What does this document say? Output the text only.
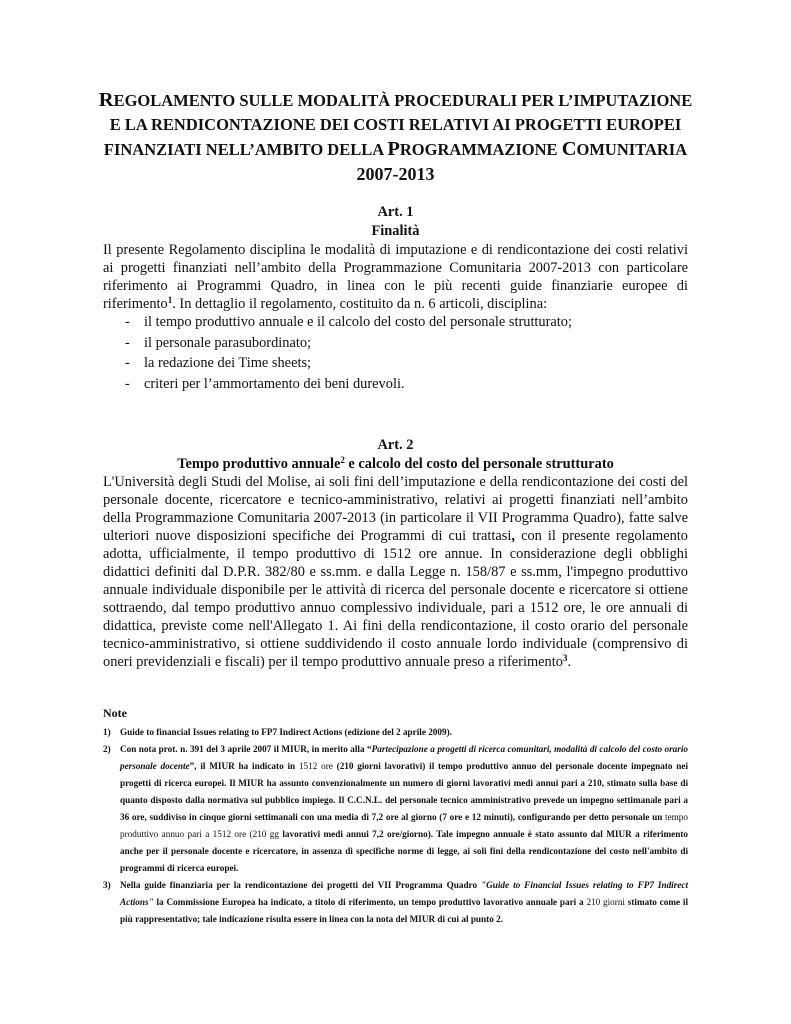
REGOLAMENTO SULLE MODALITÀ PROCEDURALI PER L’IMPUTAZIONE
E LA RENDICONTAZIONE DEI COSTI RELATIVI AI PROGETTI EUROPEI
FINANZIATI NELL’AMBITO DELLA PROGRAMMAZIONE COMUNITARIA
2007-2013
Art. 1
Finalità
Il presente Regolamento disciplina le modalità di imputazione e di rendicontazione dei costi relativi ai progetti finanziati nell’ambito della Programmazione Comunitaria 2007-2013 con particolare riferimento ai Programmi Quadro, in linea con le più recenti guide finanziarie europee di riferimento$^1$. In dettaglio il regolamento, costituito da n. 6 articoli, disciplina:
- il tempo produttivo annuale e il calcolo del costo del personale strutturato;
- il personale parasubordinato;
- la redazione dei Time sheets;
- criteri per l’ammortamento dei beni durevoli.
Art. 2
Tempo produttivo annuale$^2$ e calcolo del costo del personale strutturato
L'Università degli Studi del Molise, ai soli fini dell’imputazione e della rendicontazione dei costi del personale docente, ricercatore e tecnico-amministrativo, relativi ai progetti finanziati nell’ambito della Programmazione Comunitaria 2007-2013 (in particolare il VII Programma Quadro), fatte salve ulteriori nuove disposizioni specifiche dei Programmi di cui trattasi, con il presente regolamento adotta, ufficialmente, il tempo produttivo di 1512 ore annue. In considerazione degli obblighi didattici definiti dal D.P.R. 382/80 e ss.mm. e dalla Legge n. 158/87 e ss.mm, l'impegno produttivo annuale individuale disponibile per le attività di ricerca del personale docente e ricercatore si ottiene sottraendo, dal tempo produttivo annuo complessivo individuale, pari a 1512 ore, le ore annuali di didattica, previste come nell'Allegato 1. Ai fini della rendicontazione, il costo orario del personale tecnico-amministrativo, si ottiene suddividendo il costo annuale lordo individuale (comprensivo di oneri previdenziali e fiscali) per il tempo produttivo annuale preso a riferimento$^3$.
Note
1) Guide to financial Issues relating to FP7 Indirect Actions (edizione del 2 aprile 2009).
2) Con nota prot. n. 391 del 3 aprile 2007 il MIUR, in merito alla “Partecipazione a progetti di ricerca comunitari, modalità di calcolo del costo orario personale docente”, il MIUR ha indicato in 1512 ore (210 giorni lavorativi) il tempo produttivo annuo del personale docente impegnato nei progetti di ricerca europei. Il MIUR ha assunto convenzionalmente un numero di giorni lavorativi medi annui pari a 210, stimato sulla base di quanto disposto dalla normativa sul pubblico impiego. Il C.C.N.L. del personale tecnico amministrativo prevede un impegno settimanale pari a 36 ore, suddiviso in cinque giorni settimanali con una media di 7,2 ore al giorno (7 ore e 12 minuti), configurando per detto personale un tempo produttivo annuo pari a 1512 ore (210 gg lavorativi medi annui 7,2 ore/giorno). Tale impegno annuale è stato assunto dal MIUR a riferimento anche per il personale docente e ricercatore, in assenza di specifiche norme di legge, ai soli fini della rendicontazione del costo nell'ambito di programmi di ricerca europei.
3) Nella guide finanziaria per la rendicontazione dei progetti del VII Programma Quadro "Guide to Financial Issues relating to FP7 Indirect Actions" la Commissione Europea ha indicato, a titolo di riferimento, un tempo produttivo lavorativo annuale pari a 210 giorni stimato come il più rappresentativo; tale indicazione risulta essere in linea con la nota del MIUR di cui al punto 2.
